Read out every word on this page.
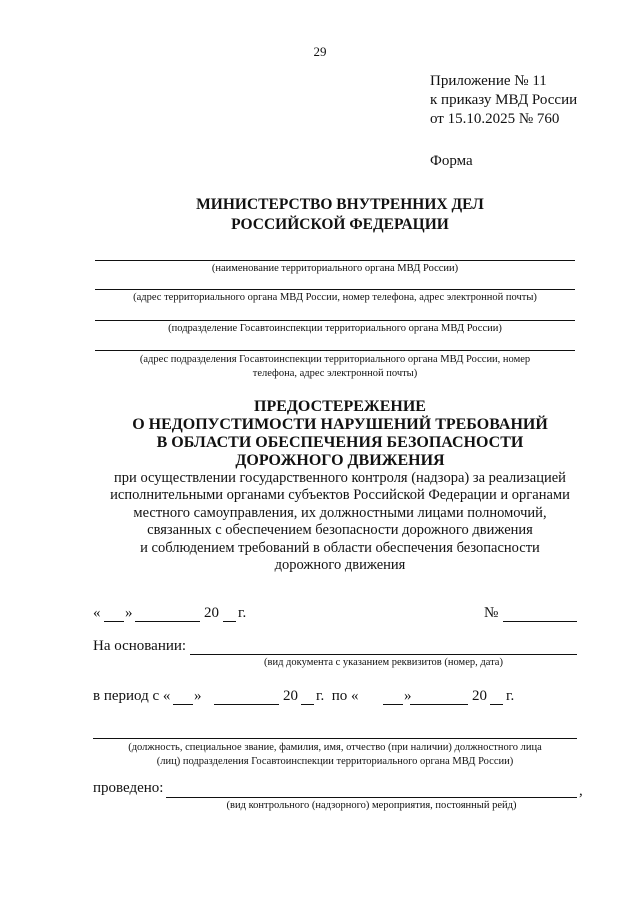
29
Приложение № 11
к приказу МВД России
от 15.10.2025 № 760
Форма
МИНИСТЕРСТВО ВНУТРЕННИХ ДЕЛ
РОССИЙСКОЙ ФЕДЕРАЦИИ
(наименование территориального органа МВД России)
(адрес территориального органа МВД России, номер телефона, адрес электронной почты)
(подразделение Госавтоинспекции территориального органа МВД России)
(адрес подразделения Госавтоинспекции территориального органа МВД России, номер
телефона, адрес электронной почты)
ПРЕДОСТЕРЕЖЕНИЕ
О НЕДОПУСТИМОСТИ НАРУШЕНИЙ ТРЕБОВАНИЙ
В ОБЛАСТИ ОБЕСПЕЧЕНИЯ БЕЗОПАСНОСТИ
ДОРОЖНОГО ДВИЖЕНИЯ
при осуществлении государственного контроля (надзора) за реализацией
исполнительными органами субъектов Российской Федерации и органами
местного самоуправления, их должностными лицами полномочий,
связанных с обеспечением безопасности дорожного движения
и соблюдением требований в области обеспечения безопасности
дорожного движения
« »	20 г.	№
На основании:
(вид документа с указанием реквизитов (номер, дата)
в период с « »	20 г.  по «	»	20 г.
(должность, специальное звание, фамилия, имя, отчество (при наличии) должностного лица
(лиц) подразделения Госавтоинспекции территориального органа МВД России)
проведено:	,
(вид контрольного (надзорного) мероприятия, постоянный рейд)
